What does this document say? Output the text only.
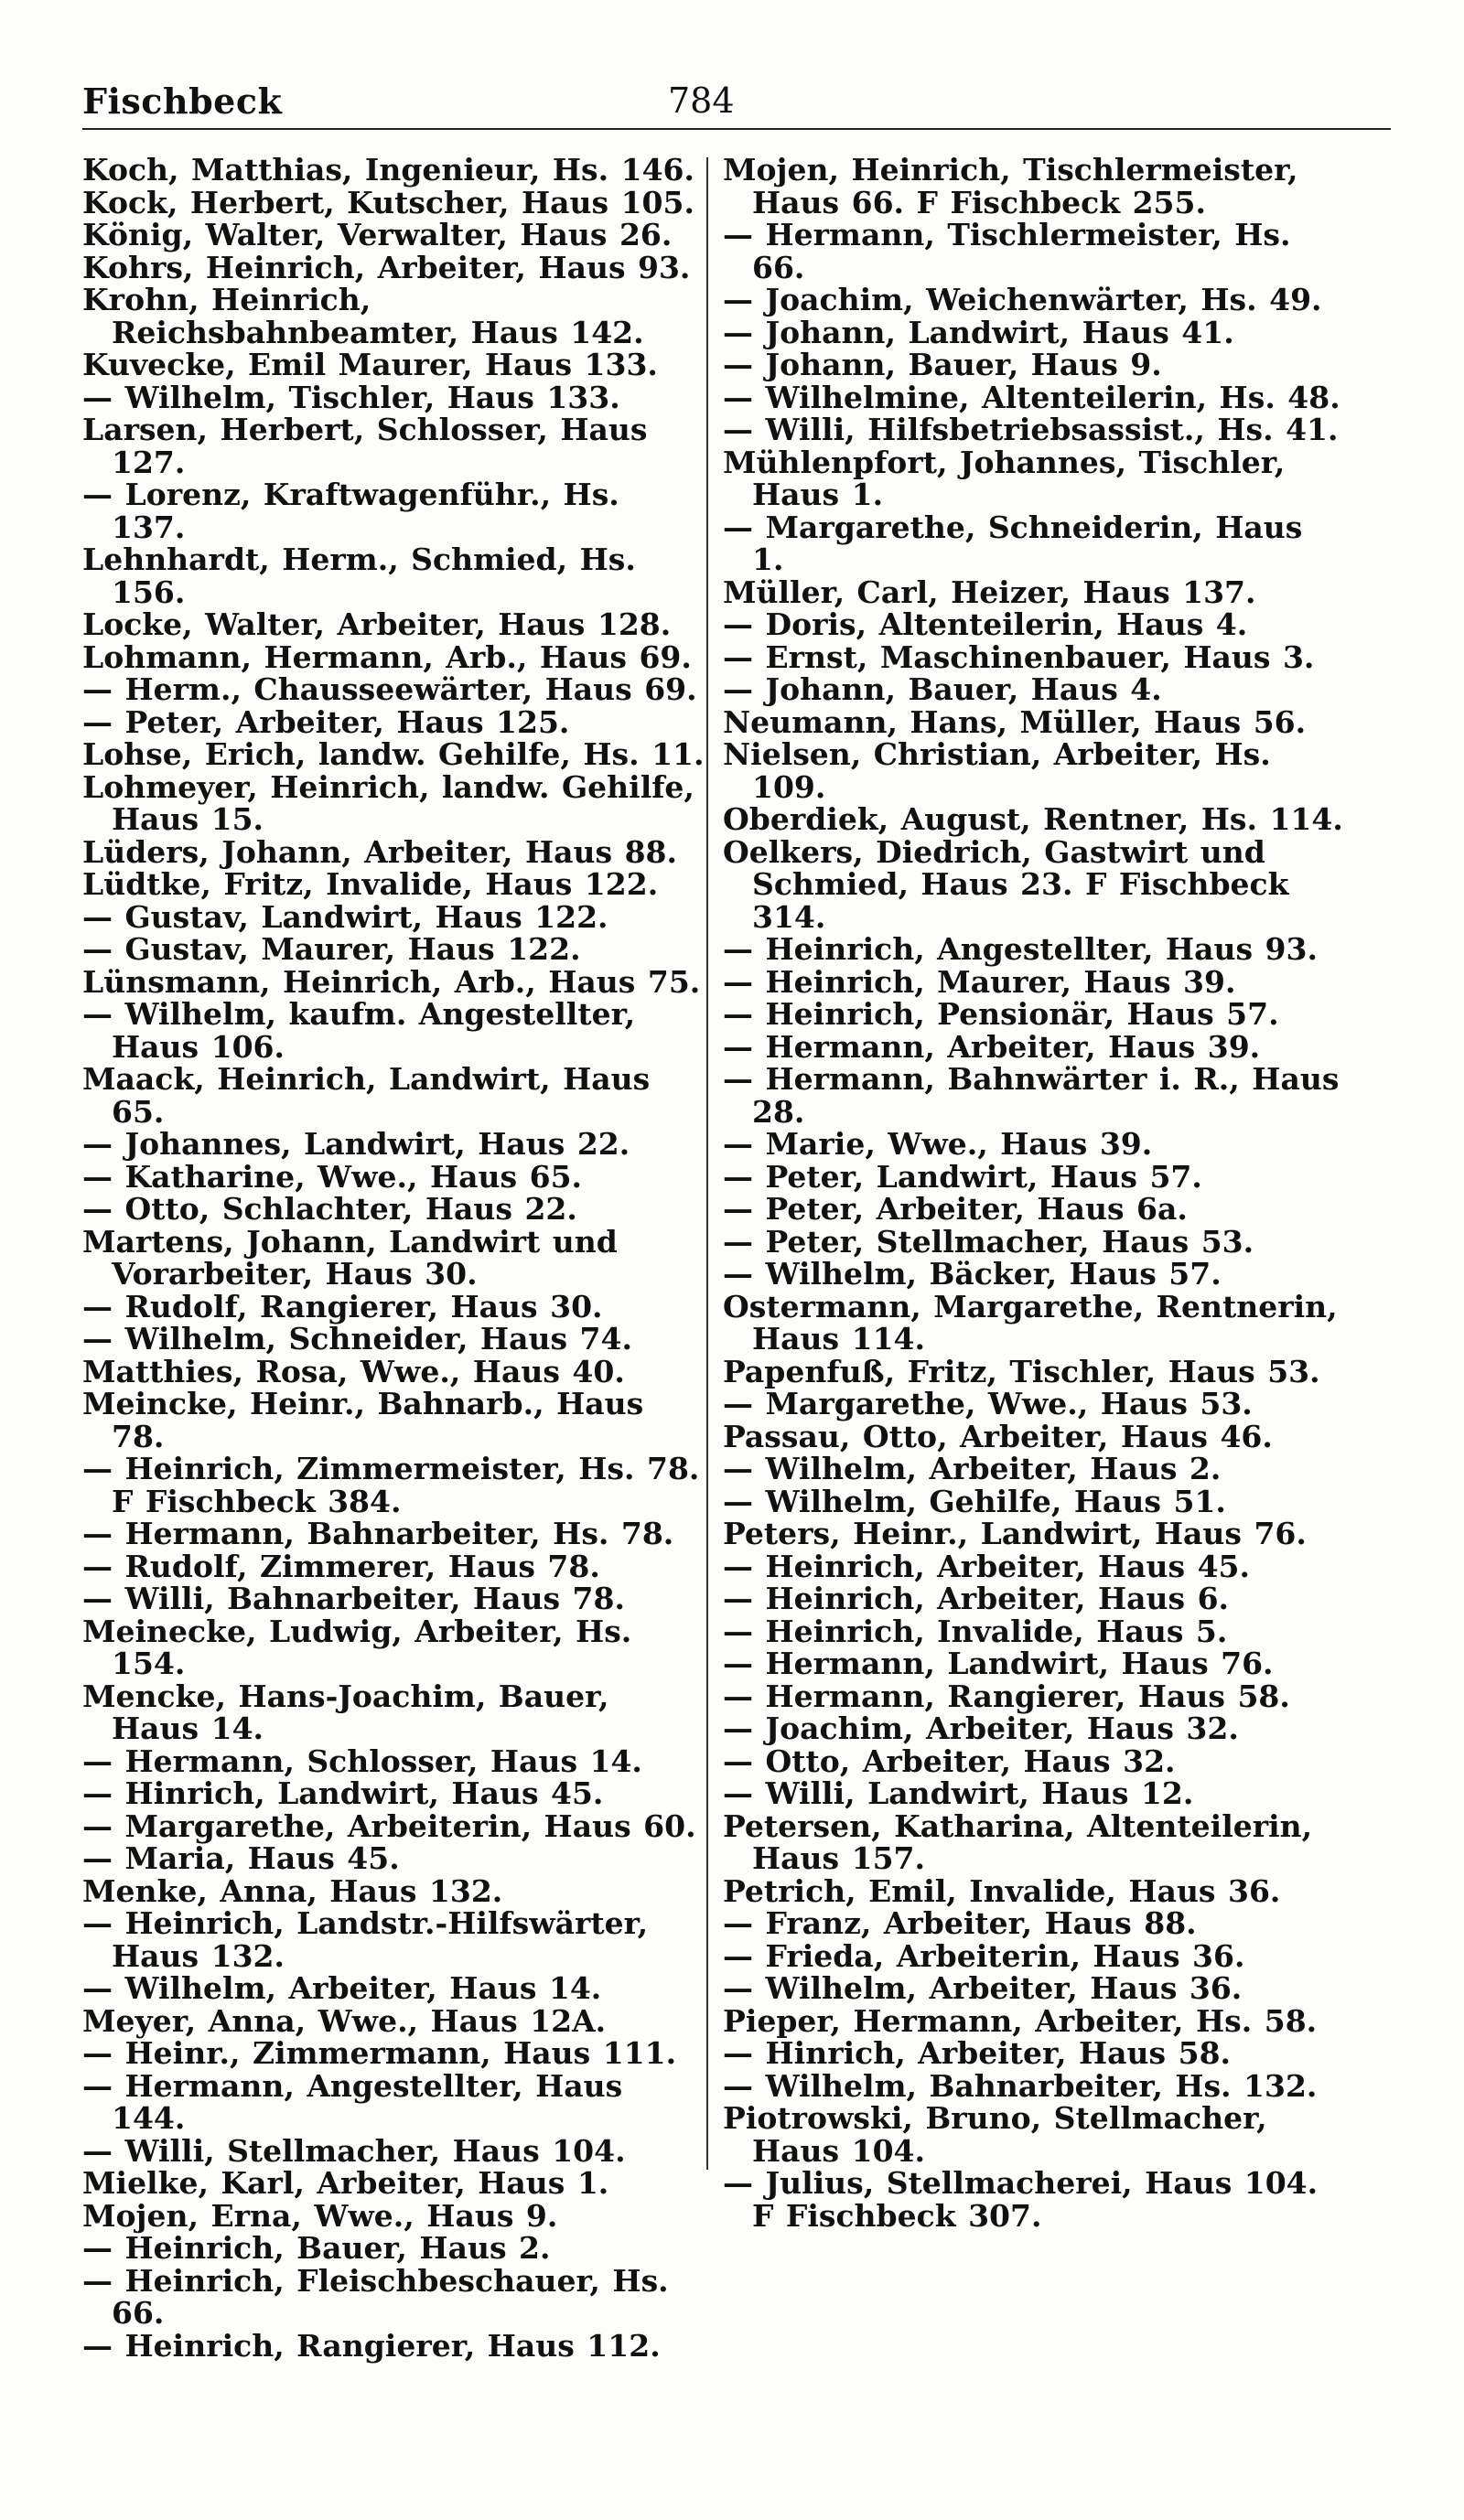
Fischbeck	784

Koch, Matthias, Ingenieur, Hs. 146.

Kock, Herbert, Kutscher, Haus 105.

König, Walter, Verwalter, Haus 26.

Kohrs, Heinrich, Arbeiter, Haus 93.

Krohn, Heinrich, Reichsbahnbeamter, Haus 142.

Kuvecke, Emil Maurer, Haus 133.

— Wilhelm, Tischler, Haus 133.

Larsen, Herbert, Schlosser, Haus 127.

— Lorenz, Kraftwagenführ., Hs. 137.

Lehnhardt, Herm., Schmied, Hs. 156.

Locke, Walter, Arbeiter, Haus 128.

Lohmann, Hermann, Arb., Haus 69.

— Herm., Chausseewärter, Haus 69.

— Peter, Arbeiter, Haus 125.

Lohse, Erich, landw. Gehilfe, Hs. 11.

Lohmeyer, Heinrich, landw. Gehilfe, Haus 15.

Lüders, Johann, Arbeiter, Haus 88.

Lüdtke, Fritz, Invalide, Haus 122.

— Gustav, Landwirt, Haus 122.

— Gustav, Maurer, Haus 122.

Lünsmann, Heinrich, Arb., Haus 75.

— Wilhelm, kaufm. Angestellter, Haus 106.

Maack, Heinrich, Landwirt, Haus 65.

— Johannes, Landwirt, Haus 22.

— Katharine, Wwe., Haus 65.

— Otto, Schlachter, Haus 22.

Martens, Johann, Landwirt und Vorarbeiter, Haus 30.

— Rudolf, Rangierer, Haus 30.

— Wilhelm, Schneider, Haus 74.

Matthies, Rosa, Wwe., Haus 40.

Meincke, Heinr., Bahnarb., Haus 78.

— Heinrich, Zimmermeister, Hs. 78. F Fischbeck 384.

— Hermann, Bahnarbeiter, Hs. 78.

— Rudolf, Zimmerer, Haus 78.

— Willi, Bahnarbeiter, Haus 78.

Meinecke, Ludwig, Arbeiter, Hs. 154.

Mencke, Hans-Joachim, Bauer, Haus 14.

— Hermann, Schlosser, Haus 14.

— Hinrich, Landwirt, Haus 45.

— Margarethe, Arbeiterin, Haus 60.

— Maria, Haus 45.

Menke, Anna, Haus 132.

— Heinrich, Landstr.-Hilfswärter, Haus 132.

— Wilhelm, Arbeiter, Haus 14.

Meyer, Anna, Wwe., Haus 12A.

— Heinr., Zimmermann, Haus 111.

— Hermann, Angestellter, Haus 144.

— Willi, Stellmacher, Haus 104.

Mielke, Karl, Arbeiter, Haus 1.

Mojen, Erna, Wwe., Haus 9.

— Heinrich, Bauer, Haus 2.

— Heinrich, Fleischbeschauer, Hs. 66.

— Heinrich, Rangierer, Haus 112.

Mojen, Heinrich, Tischlermeister, Haus 66. F Fischbeck 255.

— Hermann, Tischlermeister, Hs. 66.

— Joachim, Weichenwärter, Hs. 49.

— Johann, Landwirt, Haus 41.

— Johann, Bauer, Haus 9.

— Wilhelmine, Altenteilerin, Hs. 48.

— Willi, Hilfsbetriebsassist., Hs. 41.

Mühlenpfort, Johannes, Tischler, Haus 1.

— Margarethe, Schneiderin, Haus 1.

Müller, Carl, Heizer, Haus 137.

— Doris, Altenteilerin, Haus 4.

— Ernst, Maschinenbauer, Haus 3.

— Johann, Bauer, Haus 4.

Neumann, Hans, Müller, Haus 56.

Nielsen, Christian, Arbeiter, Hs. 109.

Oberdiek, August, Rentner, Hs. 114.

Oelkers, Diedrich, Gastwirt und Schmied, Haus 23. F Fischbeck 314.

— Heinrich, Angestellter, Haus 93.

— Heinrich, Maurer, Haus 39.

— Heinrich, Pensionär, Haus 57.

— Hermann, Arbeiter, Haus 39.

— Hermann, Bahnwärter i. R., Haus 28.

— Marie, Wwe., Haus 39.

— Peter, Landwirt, Haus 57.

— Peter, Arbeiter, Haus 6a.

— Peter, Stellmacher, Haus 53.

— Wilhelm, Bäcker, Haus 57.

Ostermann, Margarethe, Rentnerin, Haus 114.

Papenfuß, Fritz, Tischler, Haus 53.

— Margarethe, Wwe., Haus 53.

Passau, Otto, Arbeiter, Haus 46.

— Wilhelm, Arbeiter, Haus 2.

— Wilhelm, Gehilfe, Haus 51.

Peters, Heinr., Landwirt, Haus 76.

— Heinrich, Arbeiter, Haus 45.

— Heinrich, Arbeiter, Haus 6.

— Heinrich, Invalide, Haus 5.

— Hermann, Landwirt, Haus 76.

— Hermann, Rangierer, Haus 58.

— Joachim, Arbeiter, Haus 32.

— Otto, Arbeiter, Haus 32.

— Willi, Landwirt, Haus 12.

Petersen, Katharina, Altenteilerin, Haus 157.

Petrich, Emil, Invalide, Haus 36.

— Franz, Arbeiter, Haus 88.

— Frieda, Arbeiterin, Haus 36.

— Wilhelm, Arbeiter, Haus 36.

Pieper, Hermann, Arbeiter, Hs. 58.

— Hinrich, Arbeiter, Haus 58.

— Wilhelm, Bahnarbeiter, Hs. 132.

Piotrowski, Bruno, Stellmacher, Haus 104.

— Julius, Stellmacherei, Haus 104. F Fischbeck 307.
